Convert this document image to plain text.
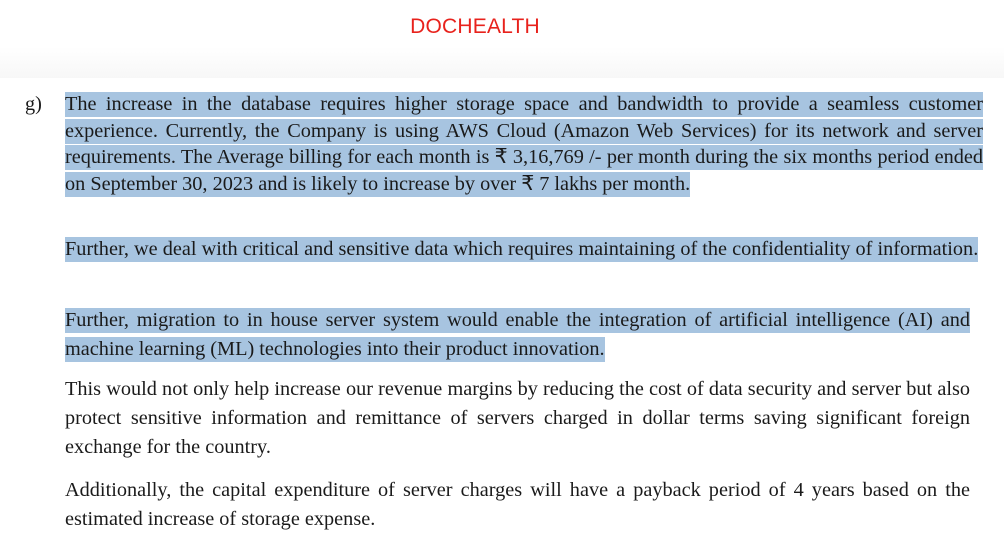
DOCHEALTH
g) The increase in the database requires higher storage space and bandwidth to provide a seamless customer experience. Currently, the Company is using AWS Cloud (Amazon Web Services) for its network and server requirements. The Average billing for each month is ₹ 3,16,769 /- per month during the six months period ended on September 30, 2023 and is likely to increase by over ₹ 7 lakhs per month.

Further, we deal with critical and sensitive data which requires maintaining of the confidentiality of information.

Further, migration to in house server system would enable the integration of artificial intelligence (AI) and machine learning (ML) technologies into their product innovation.

This would not only help increase our revenue margins by reducing the cost of data security and server but also protect sensitive information and remittance of servers charged in dollar terms saving significant foreign exchange for the country.

Additionally, the capital expenditure of server charges will have a payback period of 4 years based on the estimated increase of storage expense.
